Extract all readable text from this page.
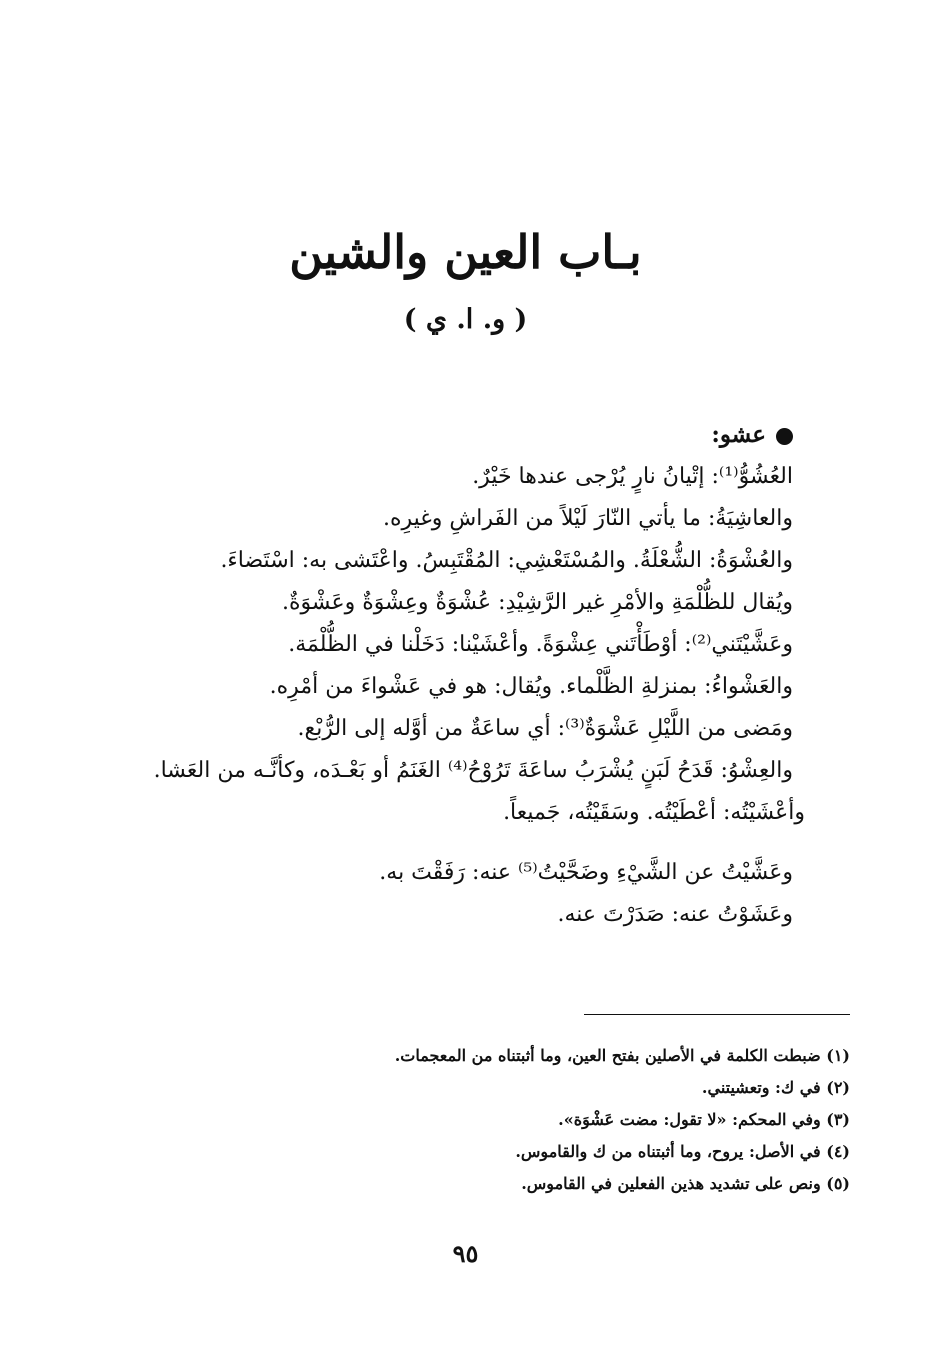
بـاب العين والشين
( و. ا. ي )
عشو:
العُشُوُّ⁽¹⁾: إتْيانُ نارٍ يُرْجى عندها خَيْرٌ.
والعاشِيَةُ: ما يأتي النّارَ لَيْلاً من الفَراشِ وغيرِه.
والعُشْوَةُ: الشُّعْلَةُ. والمُسْتَعْشِي: المُقْتَبِسُ. واعْتَشى به: اسْتَضاءَ.
ويُقال للظُّلْمَةِ والأمْرِ غير الرَّشِيْدِ: عُشْوَةٌ وعِشْوَةٌ وعَشْوَةٌ.
وعَشَّيْتَني⁽²⁾: أوْطَأْتَني عِشْوَةً. وأعْشَيْنا: دَخَلْنا في الظُّلْمَة.
والعَشْواءُ: بمنزلةِ الظَّلْماء. ويُقال: هو في عَشْواءَ من أمْرِه.
ومَضى من اللَّيْلِ عَشْوَةٌ⁽³⁾: أي ساعَةٌ من أوَّله إلى الرُّبْع.
والعِشْوُ: قَدَحُ لَبَنٍ يُشْرَبُ ساعَةَ تَرُوْحُ⁽⁴⁾ الغَنَمُ أو بَعْـدَه، وكأنَّـه من العَشا.
وأعْشَيْتُه: أعْطَيْتُه. وسَقَيْتُه، جَميعاً.
وعَشَّيْتُ عن الشَّيْءِ وضَحَّيْتُ⁽⁵⁾ عنه: رَفَقْتَ به.
وعَشَوْتُ عنه: صَدَرْتَ عنه.
(١) ضبطت الكلمة في الأصلين بفتح العين، وما أثبتناه من المعجمات.
(٢) في ك: وتعشيتني.
(٣) وفي المحكم: «لا تقول: مضت عَشْوَة».
(٤) في الأصل: يروح، وما أثبتناه من ك والقاموس.
(٥) ونص على تشديد هذين الفعلين في القاموس.
٩٥
